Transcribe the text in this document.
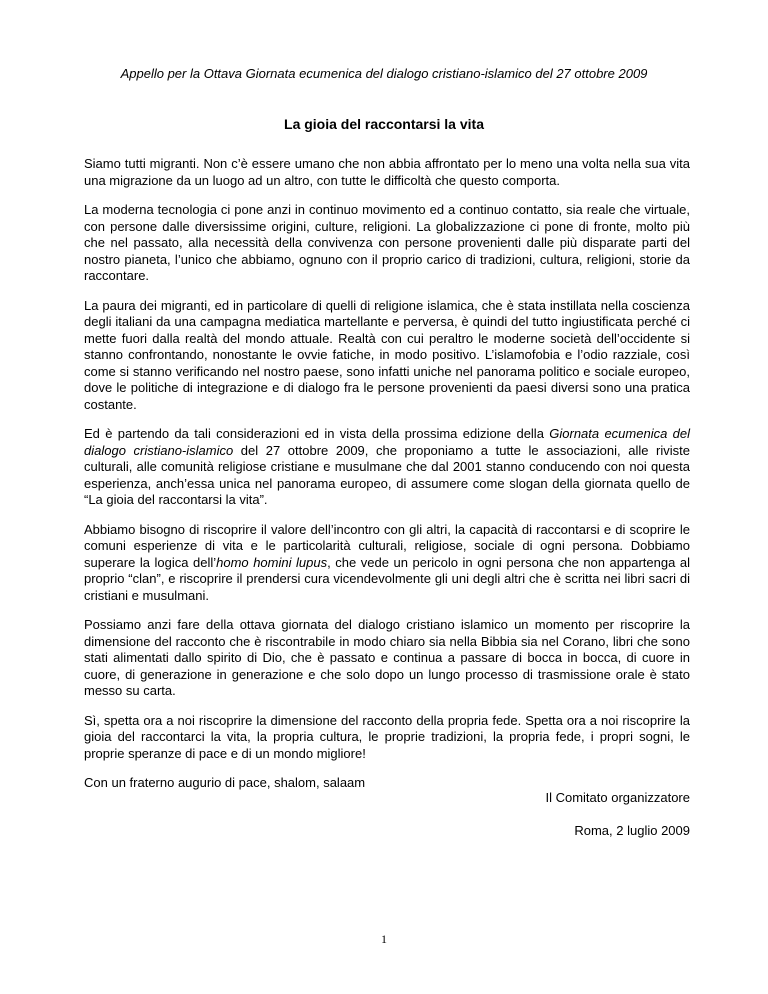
Appello per la Ottava Giornata ecumenica del dialogo cristiano-islamico del 27 ottobre 2009
La gioia del raccontarsi la vita

Siamo tutti migranti. Non c’è essere umano che non abbia affrontato per lo meno una volta nella sua vita una migrazione da un luogo ad un altro, con tutte le difficoltà che questo comporta.

La moderna tecnologia ci pone anzi in continuo movimento ed a continuo contatto, sia reale che virtuale, con persone dalle diversissime origini, culture, religioni. La globalizzazione ci pone di fronte, molto più che nel passato, alla necessità della convivenza con persone provenienti dalle più disparate parti del nostro pianeta, l’unico che abbiamo, ognuno con il proprio carico di tradizioni, cultura, religioni, storie da raccontare.

La paura dei migranti, ed in particolare di quelli di religione islamica, che è stata instillata nella coscienza degli italiani da una campagna mediatica martellante e perversa, è quindi del tutto ingiustificata perché ci mette fuori dalla realtà del mondo attuale. Realtà con cui peraltro le moderne società dell’occidente si stanno confrontando, nonostante le ovvie fatiche, in modo positivo. L’islamofobia e l’odio razziale, così come si stanno verificando nel nostro paese, sono infatti uniche nel panorama politico e sociale europeo, dove le politiche di integrazione e di dialogo fra le persone provenienti da paesi diversi sono una pratica costante.

Ed è partendo da tali considerazioni ed in vista della prossima edizione della Giornata ecumenica del dialogo cristiano-islamico del 27 ottobre 2009, che proponiamo a tutte le associazioni, alle riviste culturali, alle comunità religiose cristiane e musulmane che dal 2001 stanno conducendo con noi questa esperienza, anch’essa unica nel panorama europeo, di assumere come slogan della giornata quello de “La gioia del raccontarsi la vita”.

Abbiamo bisogno di riscoprire il valore dell’incontro con gli altri, la capacità di raccontarsi e di scoprire le comuni esperienze di vita e le particolarità culturali, religiose, sociale di ogni persona. Dobbiamo superare la logica dell’homo homini lupus, che vede un pericolo in ogni persona che non appartenga al proprio “clan”, e riscoprire il prendersi cura vicendevolmente gli uni degli altri che è scritta nei libri sacri di cristiani e musulmani.

Possiamo anzi fare della ottava giornata del dialogo cristiano islamico un momento per riscoprire la dimensione del racconto che è riscontrabile in modo chiaro sia nella Bibbia sia nel Corano, libri che sono stati alimentati dallo spirito di Dio, che è passato e continua a passare di bocca in bocca, di cuore in cuore, di generazione in generazione e che solo dopo un lungo processo di trasmissione orale è stato messo su carta.

Sì, spetta ora a noi riscoprire la dimensione del racconto della propria fede. Spetta ora a noi riscoprire la gioia del raccontarci la vita, la propria cultura, le proprie tradizioni, la propria fede, i propri sogni, le proprie speranze di pace e di un mondo migliore!

Con un fraterno augurio di pace, shalom, salaam

Il Comitato organizzatore
Roma, 2 luglio 2009
1
